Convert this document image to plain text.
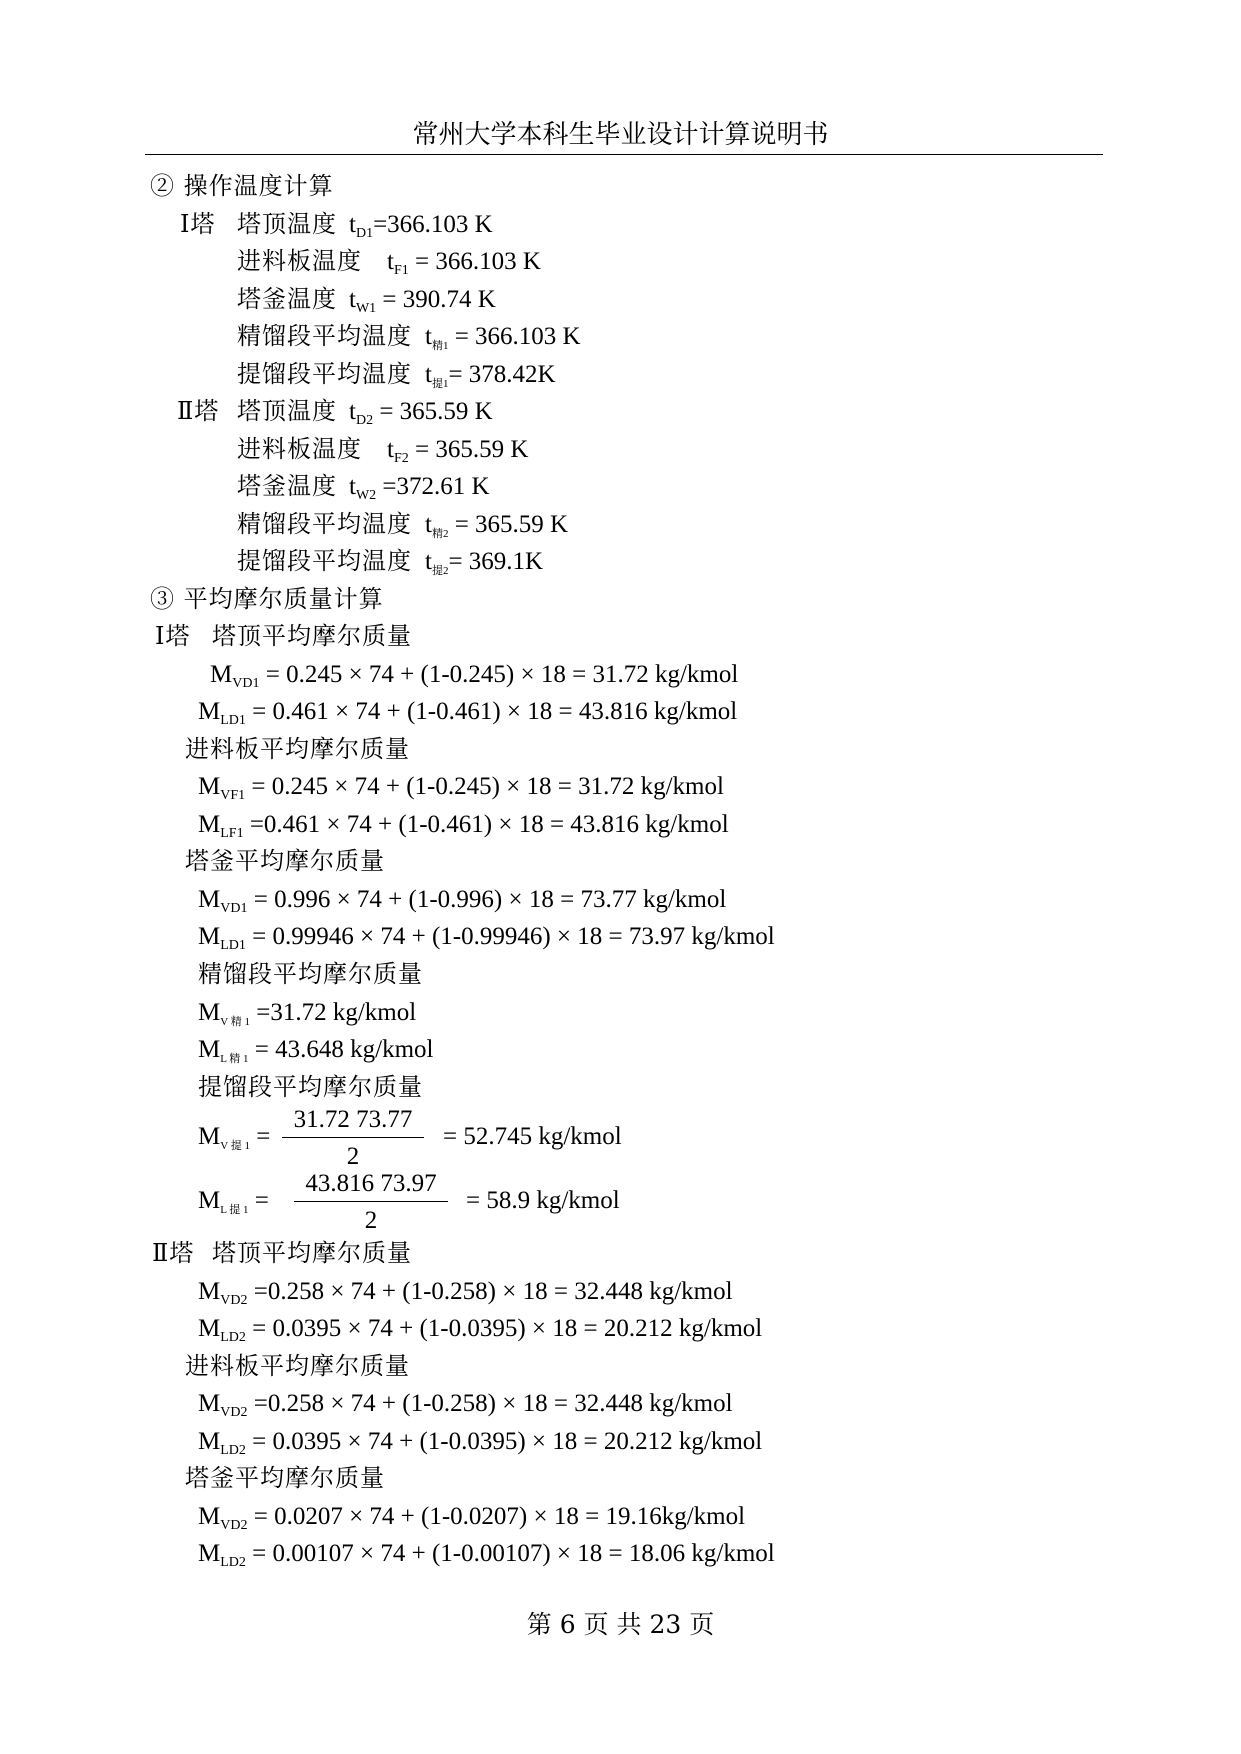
常州大学本科生毕业设计计算说明书
② 操作温度计算
Ⅰ塔 塔顶温度 $t_{D1}=366.103$ K
进料板温度 $t_{F1} = 366.103$ K
塔釜温度 $t_{W1} = 390.74$ K
精馏段平均温度 $t_{精1} = 366.103$ K
提馏段平均温度 $t_{提1}= 378.42K$
Ⅱ塔 塔顶温度 $t_{D2} = 365.59$ K
进料板温度 $t_{F2} = 365.59$ K
塔釜温度 $t_{W2} =372.61$ K
精馏段平均温度 $t_{精2} = 365.59$ K
提馏段平均温度 $t_{提2}= 369.1K$
③ 平均摩尔质量计算
Ⅰ塔 塔顶平均摩尔质量
$M_{VD1} = 0.245 \times 74 + (1-0.245) \times 18 = 31.72$ kg/kmol
$M_{LD1} = 0.461 \times 74 + (1-0.461) \times 18 = 43.816$ kg/kmol
进料板平均摩尔质量
$M_{VF1} = 0.245 \times 74 + (1-0.245) \times 18 = 31.72$ kg/kmol
$M_{LF1} =0.461 \times 74 + (1-0.461) \times 18 = 43.816$ kg/kmol
塔釜平均摩尔质量
$M_{VD1} = 0.996 \times 74 + (1-0.996) \times 18 = 73.77$ kg/kmol
$M_{LD1} = 0.99946 \times 74 + (1-0.99946) \times 18 = 73.97$ kg/kmol
精馏段平均摩尔质量
$M_{V 精 1} =31.72$ kg/kmol
$M_{L 精 1} = 43.648$ kg/kmol
提馏段平均摩尔质量
$M_{V 提 1} = \frac{31.72 73.77}{2} = 52.745$ kg/kmol
$M_{L 提 1} = \frac{43.816 73.97}{2} = 58.9$ kg/kmol
Ⅱ塔 塔顶平均摩尔质量
$M_{VD2} =0.258 \times 74 + (1-0.258) \times 18 = 32.448$ kg/kmol
$M_{LD2} = 0.0395 \times 74 + (1-0.0395) \times 18 = 20.212$ kg/kmol
进料板平均摩尔质量
$M_{VD2} =0.258 \times 74 + (1-0.258) \times 18 = 32.448$ kg/kmol
$M_{LD2} = 0.0395 \times 74 + (1-0.0395) \times 18 = 20.212$ kg/kmol
塔釜平均摩尔质量
$M_{VD2} = 0.0207 \times 74 + (1-0.0207) \times 18$ = 19.16kg/kmol
$M_{LD2} = 0.00107 \times 74 + (1-0.00107) \times 18 = 18.06$ kg/kmol
第 6 页 共 23 页
